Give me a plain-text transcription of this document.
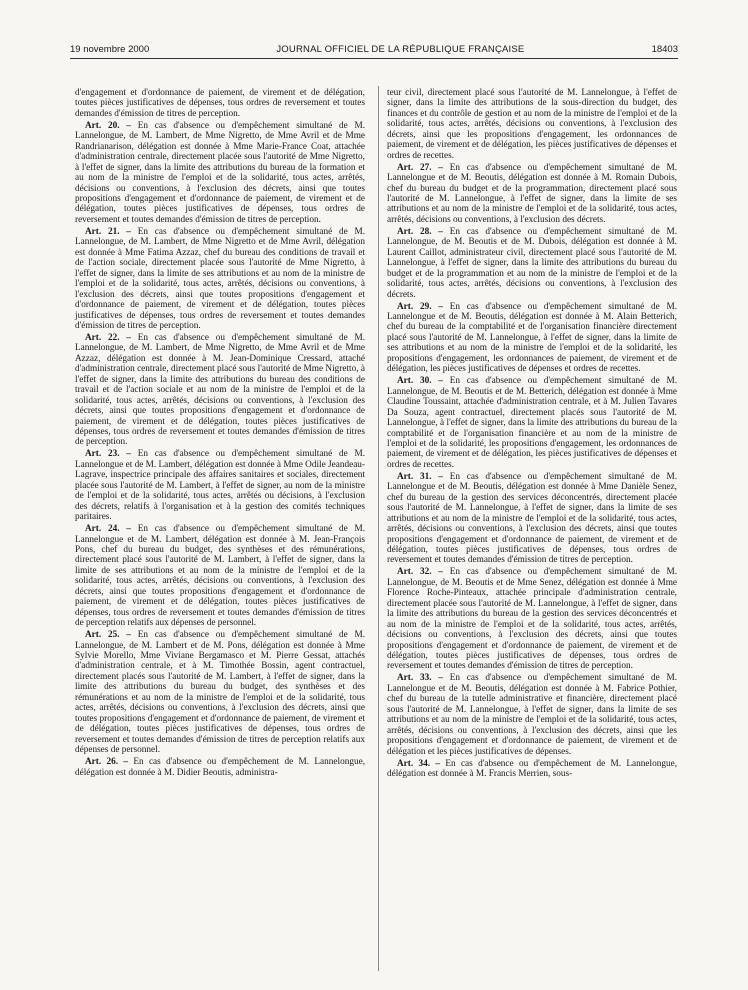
19 novembre 2000	JOURNAL OFFICIEL DE LA RÉPUBLIQUE FRANÇAISE	18403

d'engagement et d'ordonnance de paiement, de virement et de délégation, toutes pièces justificatives de dépenses, tous ordres de reversement et toutes demandes d'émission de titres de perception.

Art. 20. – En cas d'absence ou d'empêchement simultané de M. Lannelongue, de M. Lambert, de Mme Nigretto, de Mme Avril et de Mme Randrianarison, délégation est donnée à Mme Marie-France Coat, attachée d'administration centrale, directement placée sous l'autorité de Mme Nigretto, à l'effet de signer, dans la limite des attributions du bureau de la formation et au nom de la ministre de l'emploi et de la solidarité, tous actes, arrêtés, décisions ou conventions, à l'exclusion des décrets, ainsi que toutes propositions d'engagement et d'ordonnance de paiement, de virement et de délégation, toutes pièces justificatives de dépenses, tous ordres de reversement et toutes demandes d'émission de titres de perception.

Art. 21. – En cas d'absence ou d'empêchement simultané de M. Lannelongue, de M. Lambert, de Mme Nigretto et de Mme Avril, délégation est donnée à Mme Fatima Azzaz, chef du bureau des conditions de travail et de l'action sociale, directement placée sous l'autorité de Mme Nigretto, à l'effet de signer, dans la limite de ses attributions et au nom de la ministre de l'emploi et de la solidarité, tous actes, arrêtés, décisions ou conventions, à l'exclusion des décrets, ainsi que toutes propositions d'engagement et d'ordonnance de paiement, de virement et de délégation, toutes pièces justificatives de dépenses, tous ordres de reversement et toutes demandes d'émission de titres de perception.

Art. 22. – En cas d'absence ou d'empêchement simultané de M. Lannelongue, de M. Lambert, de Mme Nigretto, de Mme Avril et de Mme Azzaz, délégation est donnée à M. Jean-Dominique Cressard, attaché d'administration centrale, directement placé sous l'autorité de Mme Nigretto, à l'effet de signer, dans la limite des attributions du bureau des conditions de travail et de l'action sociale et au nom de la ministre de l'emploi et de la solidarité, tous actes, arrêtés, décisions ou conventions, à l'exclusion des décrets, ainsi que toutes propositions d'engagement et d'ordonnance de paiement, de virement et de délégation, toutes pièces justificatives de dépenses, tous ordres de reversement et toutes demandes d'émission de titres de perception.

Art. 23. – En cas d'absence ou d'empêchement simultané de M. Lannelongue et de M. Lambert, délégation est donnée à Mme Odile Jeandeau-Lagrave, inspectrice principale des affaires sanitaires et sociales, directement placée sous l'autorité de M. Lambert, à l'effet de signer, au nom de la ministre de l'emploi et de la solidarité, tous actes, arrêtés ou décisions, à l'exclusion des décrets, relatifs à l'organisation et à la gestion des comités techniques paritaires.

Art. 24. – En cas d'absence ou d'empêchement simultané de M. Lannelongue et de M. Lambert, délégation est donnée à M. Jean-François Pons, chef du bureau du budget, des synthèses et des rémunérations, directement placé sous l'autorité de M. Lambert, à l'effet de signer, dans la limite de ses attributions et au nom de la ministre de l'emploi et de la solidarité, tous actes, arrêtés, décisions ou conventions, à l'exclusion des décrets, ainsi que toutes propositions d'engagement et d'ordonnance de paiement, de virement et de délégation, toutes pièces justificatives de dépenses, tous ordres de reversement et toutes demandes d'émission de titres de perception relatifs aux dépenses de personnel.

Art. 25. – En cas d'absence ou d'empêchement simultané de M. Lannelongue, de M. Lambert et de M. Pons, délégation est donnée à Mme Sylvie Morello, Mme Viviane Bergamasco et M. Pierre Gessat, attachés d'administration centrale, et à M. Timothée Bossin, agent contractuel, directement placés sous l'autorité de M. Lambert, à l'effet de signer, dans la limite des attributions du bureau du budget, des synthèses et des rémunérations et au nom de la ministre de l'emploi et de la solidarité, tous actes, arrêtés, décisions ou conventions, à l'exclusion des décrets, ainsi que toutes propositions d'engagement et d'ordonnance de paiement, de virement et de délégation, toutes pièces justificatives de dépenses, tous ordres de reversement et toutes demandes d'émission de titres de perception relatifs aux dépenses de personnel.

Art. 26. – En cas d'absence ou d'empêchement de M. Lannelongue, délégation est donnée à M. Didier Beoutis, administra-

teur civil, directement placé sous l'autorité de M. Lannelongue, à l'effet de signer, dans la limite des attributions de la sous-direction du budget, des finances et du contrôle de gestion et au nom de la ministre de l'emploi et de la solidarité, tous actes, arrêtés, décisions ou conventions, à l'exclusion des décrets, ainsi que les propositions d'engagement, les ordonnances de paiement, de virement et de délégation, les pièces justificatives de dépenses et ordres de recettes.

Art. 27. – En cas d'absence ou d'empêchement simultané de M. Lannelongue et de M. Beoutis, délégation est donnée à M. Romain Dubois, chef du bureau du budget et de la programmation, directement placé sous l'autorité de M. Lannelongue, à l'effet de signer, dans la limite de ses attributions et au nom de la ministre de l'emploi et de la solidarité, tous actes, arrêtés, décisions ou conventions, à l'exclusion des décrets.

Art. 28. – En cas d'absence ou d'empêchement simultané de M. Lannelongue, de M. Beoutis et de M. Dubois, délégation est donnée à M. Laurent Caillot, administrateur civil, directement placé sous l'autorité de M. Lannelongue, à l'effet de signer, dans la limite des attributions du bureau du budget et de la programmation et au nom de la ministre de l'emploi et de la solidarité, tous actes, arrêtés, décisions ou conventions, à l'exclusion des décrets.

Art. 29. – En cas d'absence ou d'empêchement simultané de M. Lannelongue et de M. Beoutis, délégation est donnée à M. Alain Betterich, chef du bureau de la comptabilité et de l'organisation financière directement placé sous l'autorité de M. Lannelongue, à l'effet de signer, dans la limite de ses attributions et au nom de la ministre de l'emploi et de la solidarité, les propositions d'engagement, les ordonnances de paiement, de virement et de délégation, les pièces justificatives de dépenses et ordres de recettes.

Art. 30. – En cas d'absence ou d'empêchement simultané de M. Lannelongue, de M. Beoutis et de M. Betterich, délégation est donnée à Mme Claudine Toussaint, attachée d'administration centrale, et à M. Julien Tavares Da Souza, agent contractuel, directement placés sous l'autorité de M. Lannelongue, à l'effet de signer, dans la limite des attributions du bureau de la comptabilité et de l'organisation financière et au nom de la ministre de l'emploi et de la solidarité, les propositions d'engagement, les ordonnances de paiement, de virement et de délégation, les pièces justificatives de dépenses et ordres de recettes.

Art. 31. – En cas d'absence ou d'empêchement simultané de M. Lannelongue et de M. Beoutis, délégation est donnée à Mme Danièle Senez, chef du bureau de la gestion des services déconcentrés, directement placée sous l'autorité de M. Lannelongue, à l'effet de signer, dans la limite de ses attributions et au nom de la ministre de l'emploi et de la solidarité, tous actes, arrêtés, décisions ou conventions, à l'exclusion des décrets, ainsi que toutes propositions d'engagement et d'ordonnance de paiement, de virement et de délégation, toutes pièces justificatives de dépenses, tous ordres de reversement et toutes demandes d'émission de titres de perception.

Art. 32. – En cas d'absence ou d'empêchement simultané de M. Lannelongue, de M. Beoutis et de Mme Senez, délégation est donnée à Mme Florence Roche-Pinteaux, attachée principale d'administration centrale, directement placée sous l'autorité de M. Lannelongue, à l'effet de signer, dans la limite des attributions du bureau de la gestion des services déconcentrés et au nom de la ministre de l'emploi et de la solidarité, tous actes, arrêtés, décisions ou conventions, à l'exclusion des décrets, ainsi que toutes propositions d'engagement et d'ordonnance de paiement, de virement et de délégation, toutes pièces justificatives de dépenses, tous ordres de reversement et toutes demandes d'émission de titres de perception.

Art. 33. – En cas d'absence ou d'empêchement simultané de M. Lannelongue et de M. Beoutis, délégation est donnée à M. Fabrice Pothier, chef du bureau de la tutelle administrative et financière, directement placé sous l'autorité de M. Lannelongue, à l'effet de signer, dans la limite de ses attributions et au nom de la ministre de l'emploi et de la solidarité, tous actes, arrêtés, décisions ou conventions, à l'exclusion des décrets, ainsi que les propositions d'engagement et d'ordonnance de paiement, de virement et de délégation et les pièces justificatives de dépenses.

Art. 34. – En cas d'absence ou d'empêchement de M. Lannelongue, délégation est donnée à M. Francis Merrien, sous-
